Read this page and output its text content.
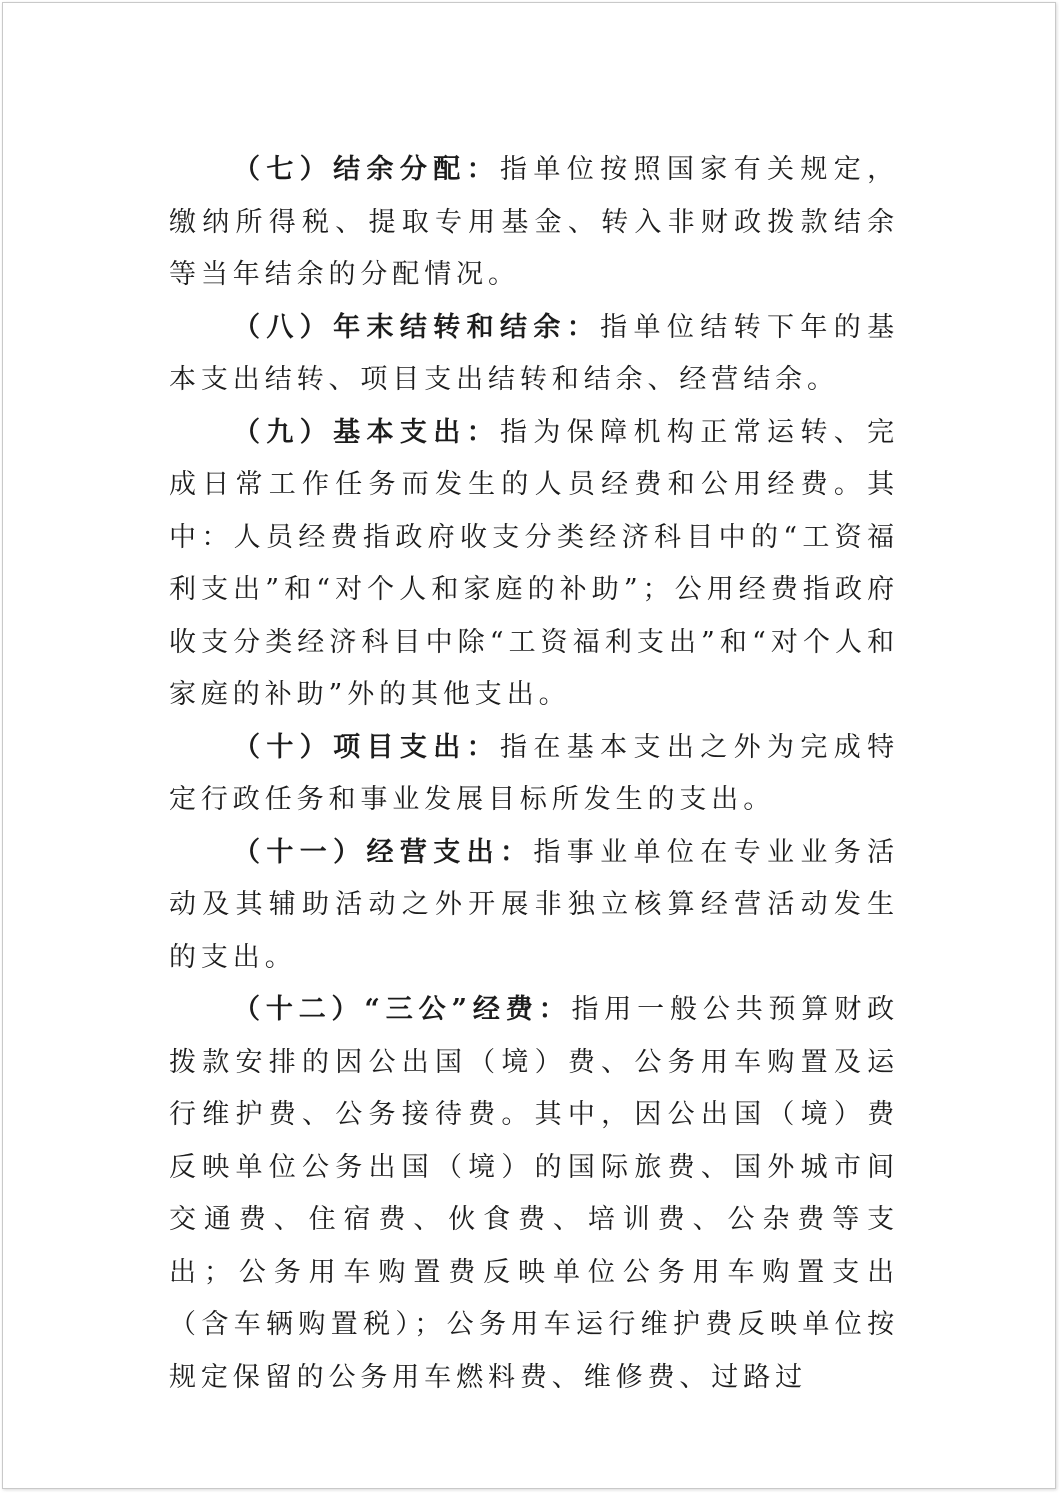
（七）结余分配：指单位按照国家有关规定，缴纳所得税、提取专用基金、转入非财政拨款结余等当年结余的分配情况。

（八）年末结转和结余：指单位结转下年的基本支出结转、项目支出结转和结余、经营结余。

（九）基本支出：指为保障机构正常运转、完成日常工作任务而发生的人员经费和公用经费。其中：人员经费指政府收支分类经济科目中的“工资福利支出”和“对个人和家庭的补助”；公用经费指政府收支分类经济科目中除“工资福利支出”和“对个人和家庭的补助”外的其他支出。

（十）项目支出：指在基本支出之外为完成特定行政任务和事业发展目标所发生的支出。

（十一）经营支出：指事业单位在专业业务活动及其辅助活动之外开展非独立核算经营活动发生的支出。

（十二）“三公”经费：指用一般公共预算财政拨款安排的因公出国（境）费、公务用车购置及运行维护费、公务接待费。其中，因公出国（境）费反映单位公务出国（境）的国际旅费、国外城市间交通费、住宿费、伙食费、培训费、公杂费等支出；公务用车购置费反映单位公务用车购置支出（含车辆购置税）；公务用车运行维护费反映单位按规定保留的公务用车燃料费、维修费、过路过
